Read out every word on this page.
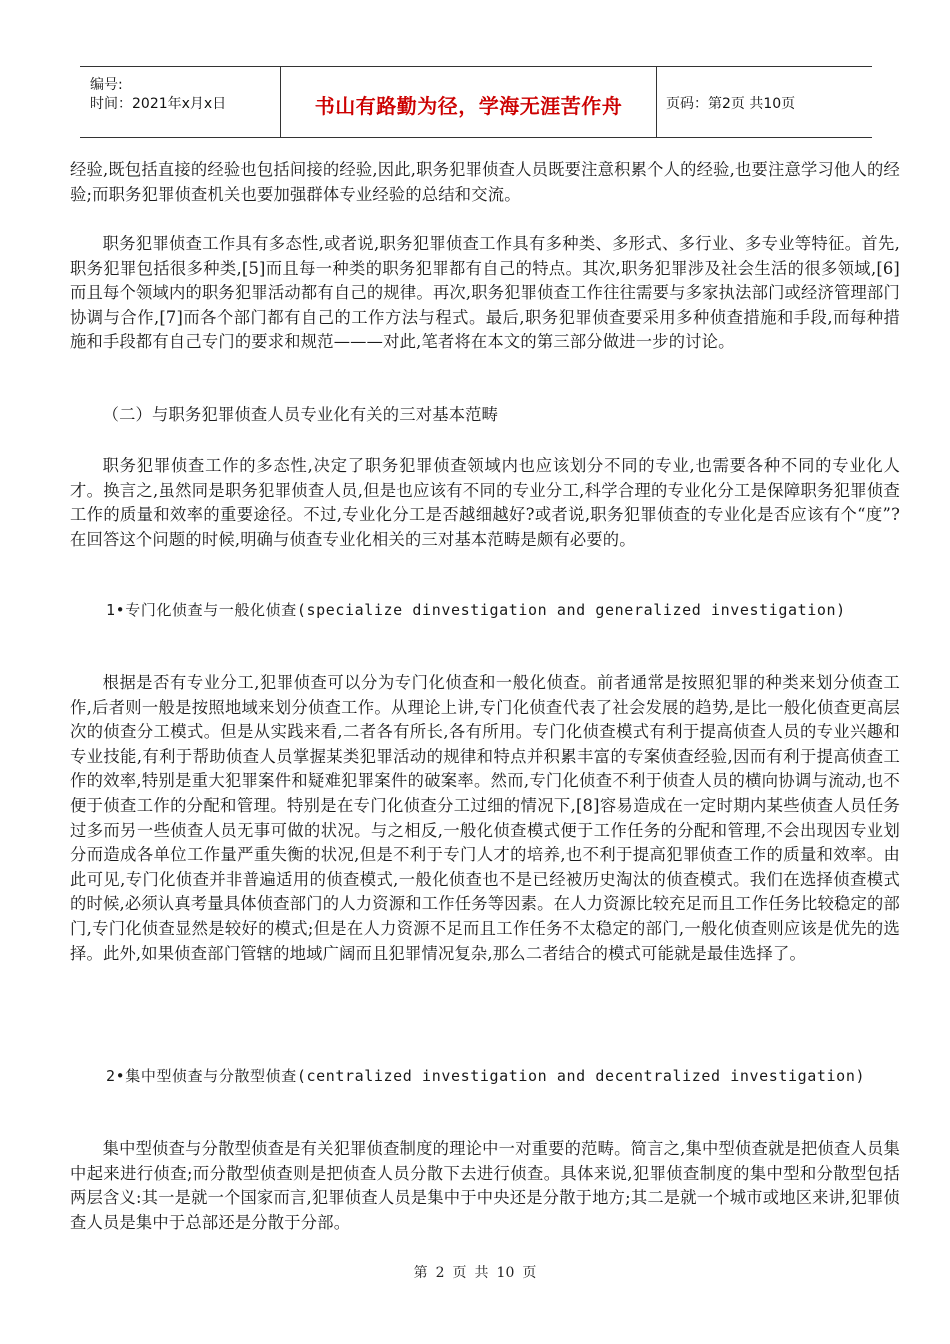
编号:
时间：2021年x月x日	书山有路勤为径，学海无涯苦作舟	页码：第2页 共10页

经验,既包括直接的经验也包括间接的经验,因此,职务犯罪侦查人员既要注意积累个人的经验,也要注意学习他人的经验;而职务犯罪侦查机关也要加强群体专业经验的总结和交流。

职务犯罪侦查工作具有多态性,或者说,职务犯罪侦查工作具有多种类、多形式、多行业、多专业等特征。首先,职务犯罪包括很多种类,[5]而且每一种类的职务犯罪都有自己的特点。其次,职务犯罪涉及社会生活的很多领域,[6]而且每个领域内的职务犯罪活动都有自己的规律。再次,职务犯罪侦查工作往往需要与多家执法部门或经济管理部门协调与合作,[7]而各个部门都有自己的工作方法与程式。最后,职务犯罪侦查要采用多种侦查措施和手段,而每种措施和手段都有自己专门的要求和规范———对此,笔者将在本文的第三部分做进一步的讨论。

（二）与职务犯罪侦查人员专业化有关的三对基本范畴

职务犯罪侦查工作的多态性,决定了职务犯罪侦查领域内也应该划分不同的专业,也需要各种不同的专业化人才。换言之,虽然同是职务犯罪侦查人员,但是也应该有不同的专业分工,科学合理的专业化分工是保障职务犯罪侦查工作的质量和效率的重要途径。不过,专业化分工是否越细越好?或者说,职务犯罪侦查的专业化是否应该有个“度”?在回答这个问题的时候,明确与侦查专业化相关的三对基本范畴是颇有必要的。

1•专门化侦查与一般化侦查(specialize dinvestigation and generalized investigation)

根据是否有专业分工,犯罪侦查可以分为专门化侦查和一般化侦查。前者通常是按照犯罪的种类来划分侦查工作,后者则一般是按照地域来划分侦查工作。从理论上讲,专门化侦查代表了社会发展的趋势,是比一般化侦查更高层次的侦查分工模式。但是从实践来看,二者各有所长,各有所用。专门化侦查模式有利于提高侦查人员的专业兴趣和专业技能,有利于帮助侦查人员掌握某类犯罪活动的规律和特点并积累丰富的专案侦查经验,因而有利于提高侦查工作的效率,特别是重大犯罪案件和疑难犯罪案件的破案率。然而,专门化侦查不利于侦查人员的横向协调与流动,也不便于侦查工作的分配和管理。特别是在专门化侦查分工过细的情况下,[8]容易造成在一定时期内某些侦查人员任务过多而另一些侦查人员无事可做的状况。与之相反,一般化侦查模式便于工作任务的分配和管理,不会出现因专业划分而造成各单位工作量严重失衡的状况,但是不利于专门人才的培养,也不利于提高犯罪侦查工作的质量和效率。由此可见,专门化侦查并非普遍适用的侦查模式,一般化侦查也不是已经被历史淘汰的侦查模式。我们在选择侦查模式的时候,必须认真考量具体侦查部门的人力资源和工作任务等因素。在人力资源比较充足而且工作任务比较稳定的部门,专门化侦查显然是较好的模式;但是在人力资源不足而且工作任务不太稳定的部门,一般化侦查则应该是优先的选择。此外,如果侦查部门管辖的地域广阔而且犯罪情况复杂,那么二者结合的模式可能就是最佳选择了。

2•集中型侦查与分散型侦查(centralized investigation and decentralized investigation)

集中型侦查与分散型侦查是有关犯罪侦查制度的理论中一对重要的范畴。简言之,集中型侦查就是把侦查人员集中起来进行侦查;而分散型侦查则是把侦查人员分散下去进行侦查。具体来说,犯罪侦查制度的集中型和分散型包括两层含义:其一是就一个国家而言,犯罪侦查人员是集中于中央还是分散于地方;其二是就一个城市或地区来讲,犯罪侦查人员是集中于总部还是分散于分部。

第 2 页 共 10 页
